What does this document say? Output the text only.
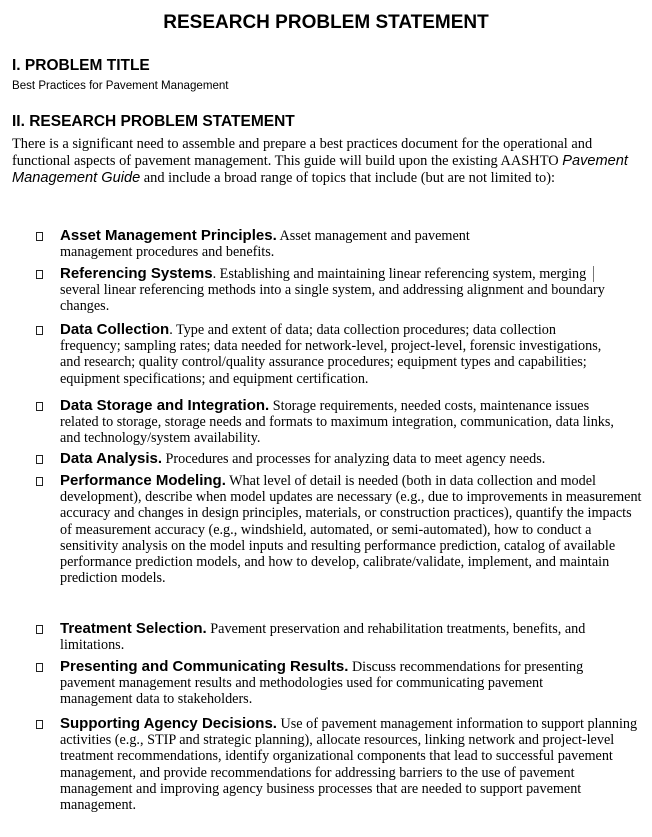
RESEARCH PROBLEM STATEMENT
I. PROBLEM TITLE
Best Practices for Pavement Management
II. RESEARCH PROBLEM STATEMENT
There is a significant need to assemble and prepare a best practices document for the operational and functional aspects of pavement management. This guide will build upon the existing AASHTO Pavement Management Guide and include a broad range of topics that include (but are not limited to):
Asset Management Principles. Asset management and pavement management procedures and benefits.
Referencing Systems. Establishing and maintaining linear referencing system, merging several linear referencing methods into a single system, and addressing alignment and boundary changes.
Data Collection. Type and extent of data; data collection procedures; data collection frequency; sampling rates; data needed for network-level, project-level, forensic investigations, and research; quality control/quality assurance procedures; equipment types and capabilities; equipment specifications; and equipment certification.
Data Storage and Integration. Storage requirements, needed costs, maintenance issues related to storage, storage needs and formats to maximum integration, communication, data links, and technology/system availability.
Data Analysis. Procedures and processes for analyzing data to meet agency needs.
Performance Modeling. What level of detail is needed (both in data collection and model development), describe when model updates are necessary (e.g., due to improvements in measurement accuracy and changes in design principles, materials, or construction practices), quantify the impacts of measurement accuracy (e.g., windshield, automated, or semi-automated), how to conduct a sensitivity analysis on the model inputs and resulting performance prediction, catalog of available performance prediction models, and how to develop, calibrate/validate, implement, and maintain prediction models.
Treatment Selection. Pavement preservation and rehabilitation treatments, benefits, and limitations.
Presenting and Communicating Results. Discuss recommendations for presenting pavement management results and methodologies used for communicating pavement management data to stakeholders.
Supporting Agency Decisions. Use of pavement management information to support planning activities (e.g., STIP and strategic planning), allocate resources, linking network and project-level treatment recommendations, identify organizational components that lead to successful pavement management, and provide recommendations for addressing barriers to the use of pavement management and improving agency business processes that are needed to support pavement management.
